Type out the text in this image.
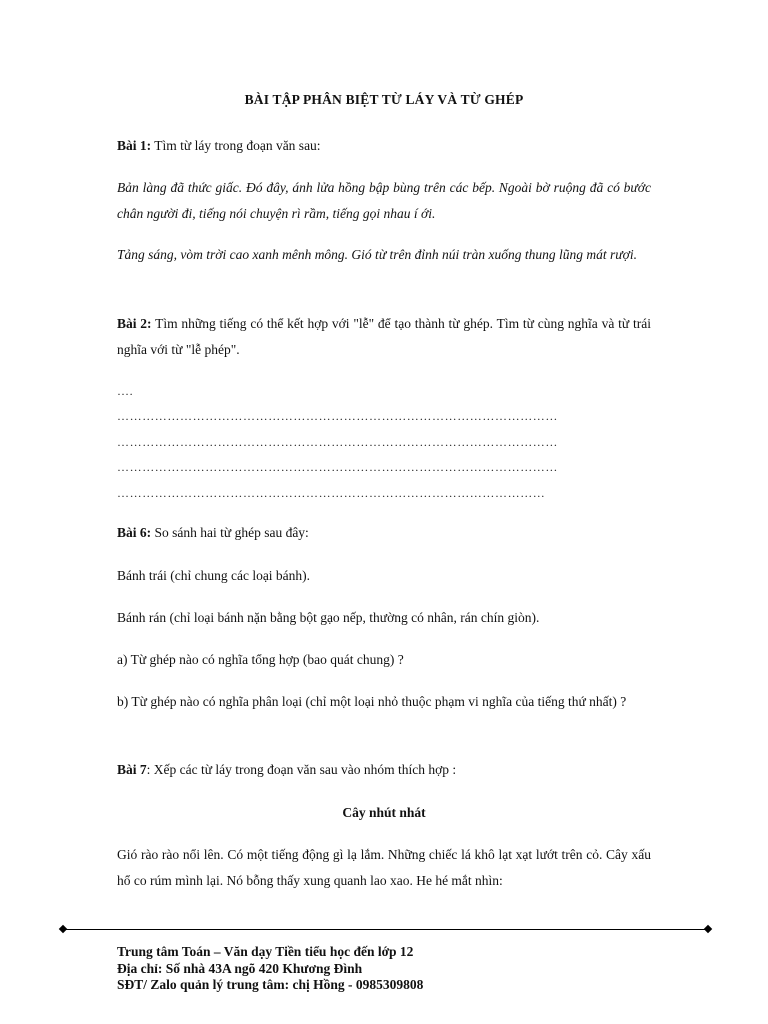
BÀI TẬP PHÂN BIỆT TỪ LÁY VÀ TỪ GHÉP
Bài 1: Tìm từ láy trong đoạn văn sau:
Bản làng đã thức giấc. Đó đây, ánh lửa hồng bập bùng trên các bếp. Ngoài bờ ruộng đã có bước chân người đi, tiếng nói chuyện rì rầm, tiếng gọi nhau í ới.
Tảng sáng, vòm trời cao xanh mênh mông. Gió từ trên đỉnh núi tràn xuống thung lũng mát rượi.
Bài 2: Tìm những tiếng có thể kết hợp với "lễ" để tạo thành từ ghép. Tìm từ cùng nghĩa và từ trái nghĩa với từ "lễ phép".
….
……………………………………………………………………………………………
……………………………………………………………………………………………
……………………………………………………………………………………………
…………………………………………………………………………………………
Bài 6: So sánh hai từ ghép sau đây:
Bánh trái (chỉ chung các loại bánh).
Bánh rán (chỉ loại bánh nặn bằng bột gạo nếp, thường có nhân, rán chín giòn).
a) Từ ghép nào có nghĩa tổng hợp (bao quát chung) ?
b) Từ ghép nào có nghĩa phân loại (chỉ một loại nhỏ thuộc phạm vi nghĩa của tiếng thứ nhất) ?
Bài 7: Xếp các từ láy trong đoạn văn sau vào nhóm thích hợp :
Cây nhút nhát
Gió rào rào nổi lên. Có một tiếng động gì lạ lắm. Những chiếc lá khô lạt xạt lướt trên cỏ. Cây xấu hổ co rúm mình lại. Nó bỗng thấy xung quanh lao xao. He hé mắt nhìn:
Trung tâm Toán – Văn dạy Tiền tiểu học đến lớp 12
Địa chỉ: Số nhà 43A ngõ 420 Khương Đình
SĐT/ Zalo quản lý trung tâm: chị Hồng - 0985309808
